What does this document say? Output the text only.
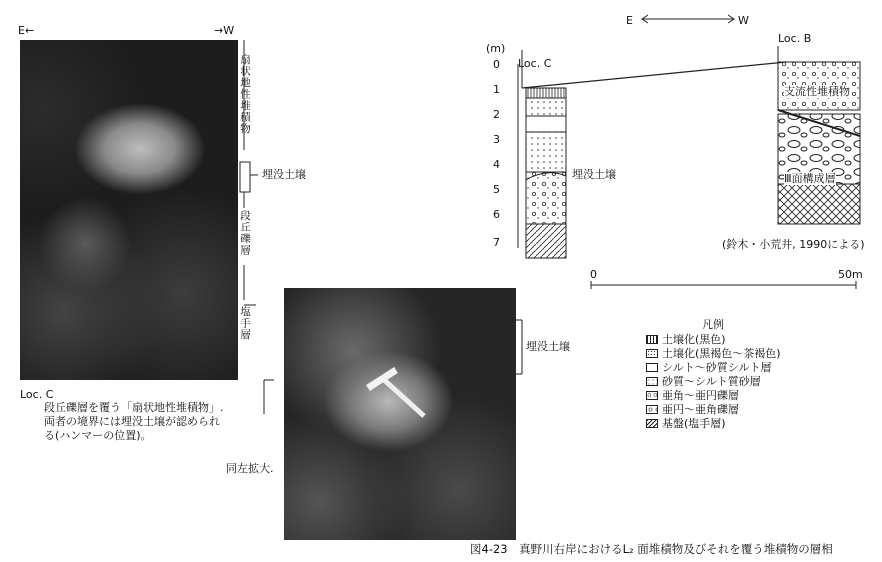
E←	→W
扇状地性堆積物
埋没土壌
段丘礫層
塩手層
Loc. C
段丘礫層を覆う「扇状地性堆積物」.
両者の境界には埋没土壌が認められ
る(ハンマーの位置)。
同左拡大.
埋没土壌
E	W
(m)
0
1
2
3
4
5
6
7
Loc. C
Loc. B
埋没土壌
支流性堆積物
Ⅲ面構成層
(鈴木・小荒井, 1990による)
0	50m
凡例
土壌化(黒色)
土壌化(黒褐色～茶褐色)
シルト～砂質シルト層
砂質～シルト質砂層
亜角～亜円礫層
亜円～亜角礫層
基盤(塩手層)
図4-23　真野川右岸におけるL₂ 面堆積物及びそれを覆う堆積物の層相
